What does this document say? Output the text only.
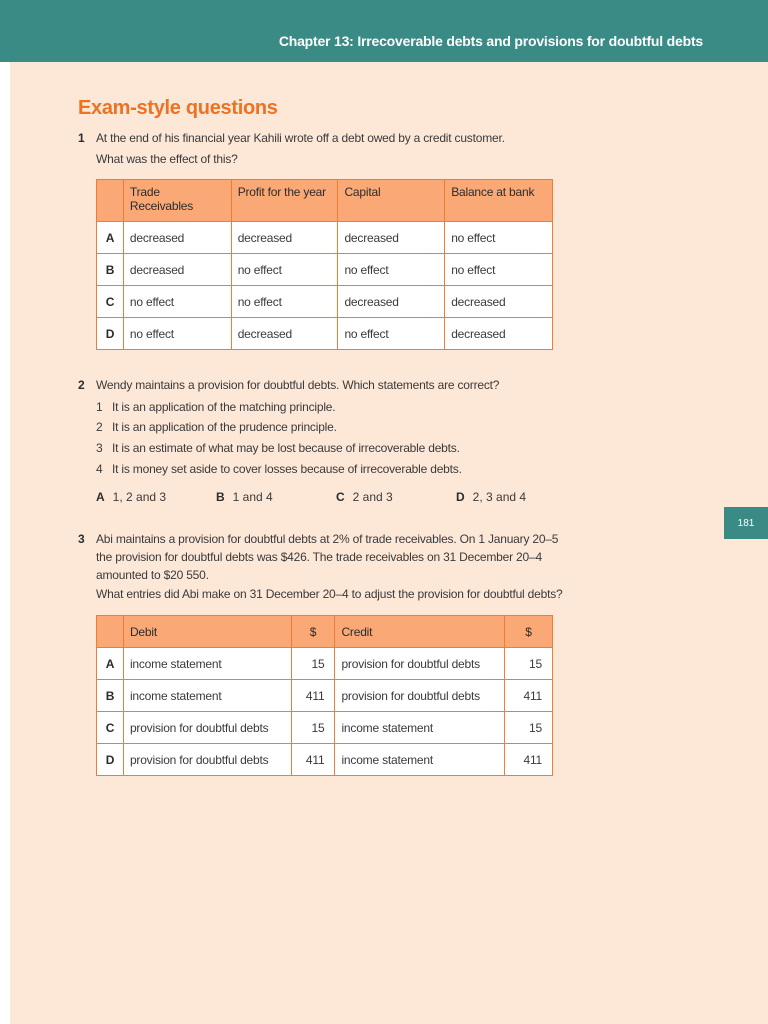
Chapter 13: Irrecoverable debts and provisions for doubtful debts
181
Exam-style questions
1 At the end of his financial year Kahili wrote off a debt owed by a credit customer.
What was the effect of this?
	Trade Receivables	Profit for the year	Capital	Balance at bank
A	decreased	decreased	decreased	no effect
B	decreased	no effect	no effect	no effect
C	no effect	no effect	decreased	decreased
D	no effect	decreased	no effect	decreased
2 Wendy maintains a provision for doubtful debts. Which statements are correct?
1 It is an application of the matching principle.
2 It is an application of the prudence principle.
3 It is an estimate of what may be lost because of irrecoverable debts.
4 It is money set aside to cover losses because of irrecoverable debts.
A 1, 2 and 3	B 1 and 4	C 2 and 3	D 2, 3 and 4
3 Abi maintains a provision for doubtful debts at 2% of trade receivables. On 1 January 20–5
the provision for doubtful debts was $426. The trade receivables on 31 December 20–4
amounted to $20 550.
What entries did Abi make on 31 December 20–4 to adjust the provision for doubtful debts?
	Debit	$	Credit	$
A	income statement	15	provision for doubtful debts	15
B	income statement	411	provision for doubtful debts	411
C	provision for doubtful debts	15	income statement	15
D	provision for doubtful debts	411	income statement	411
